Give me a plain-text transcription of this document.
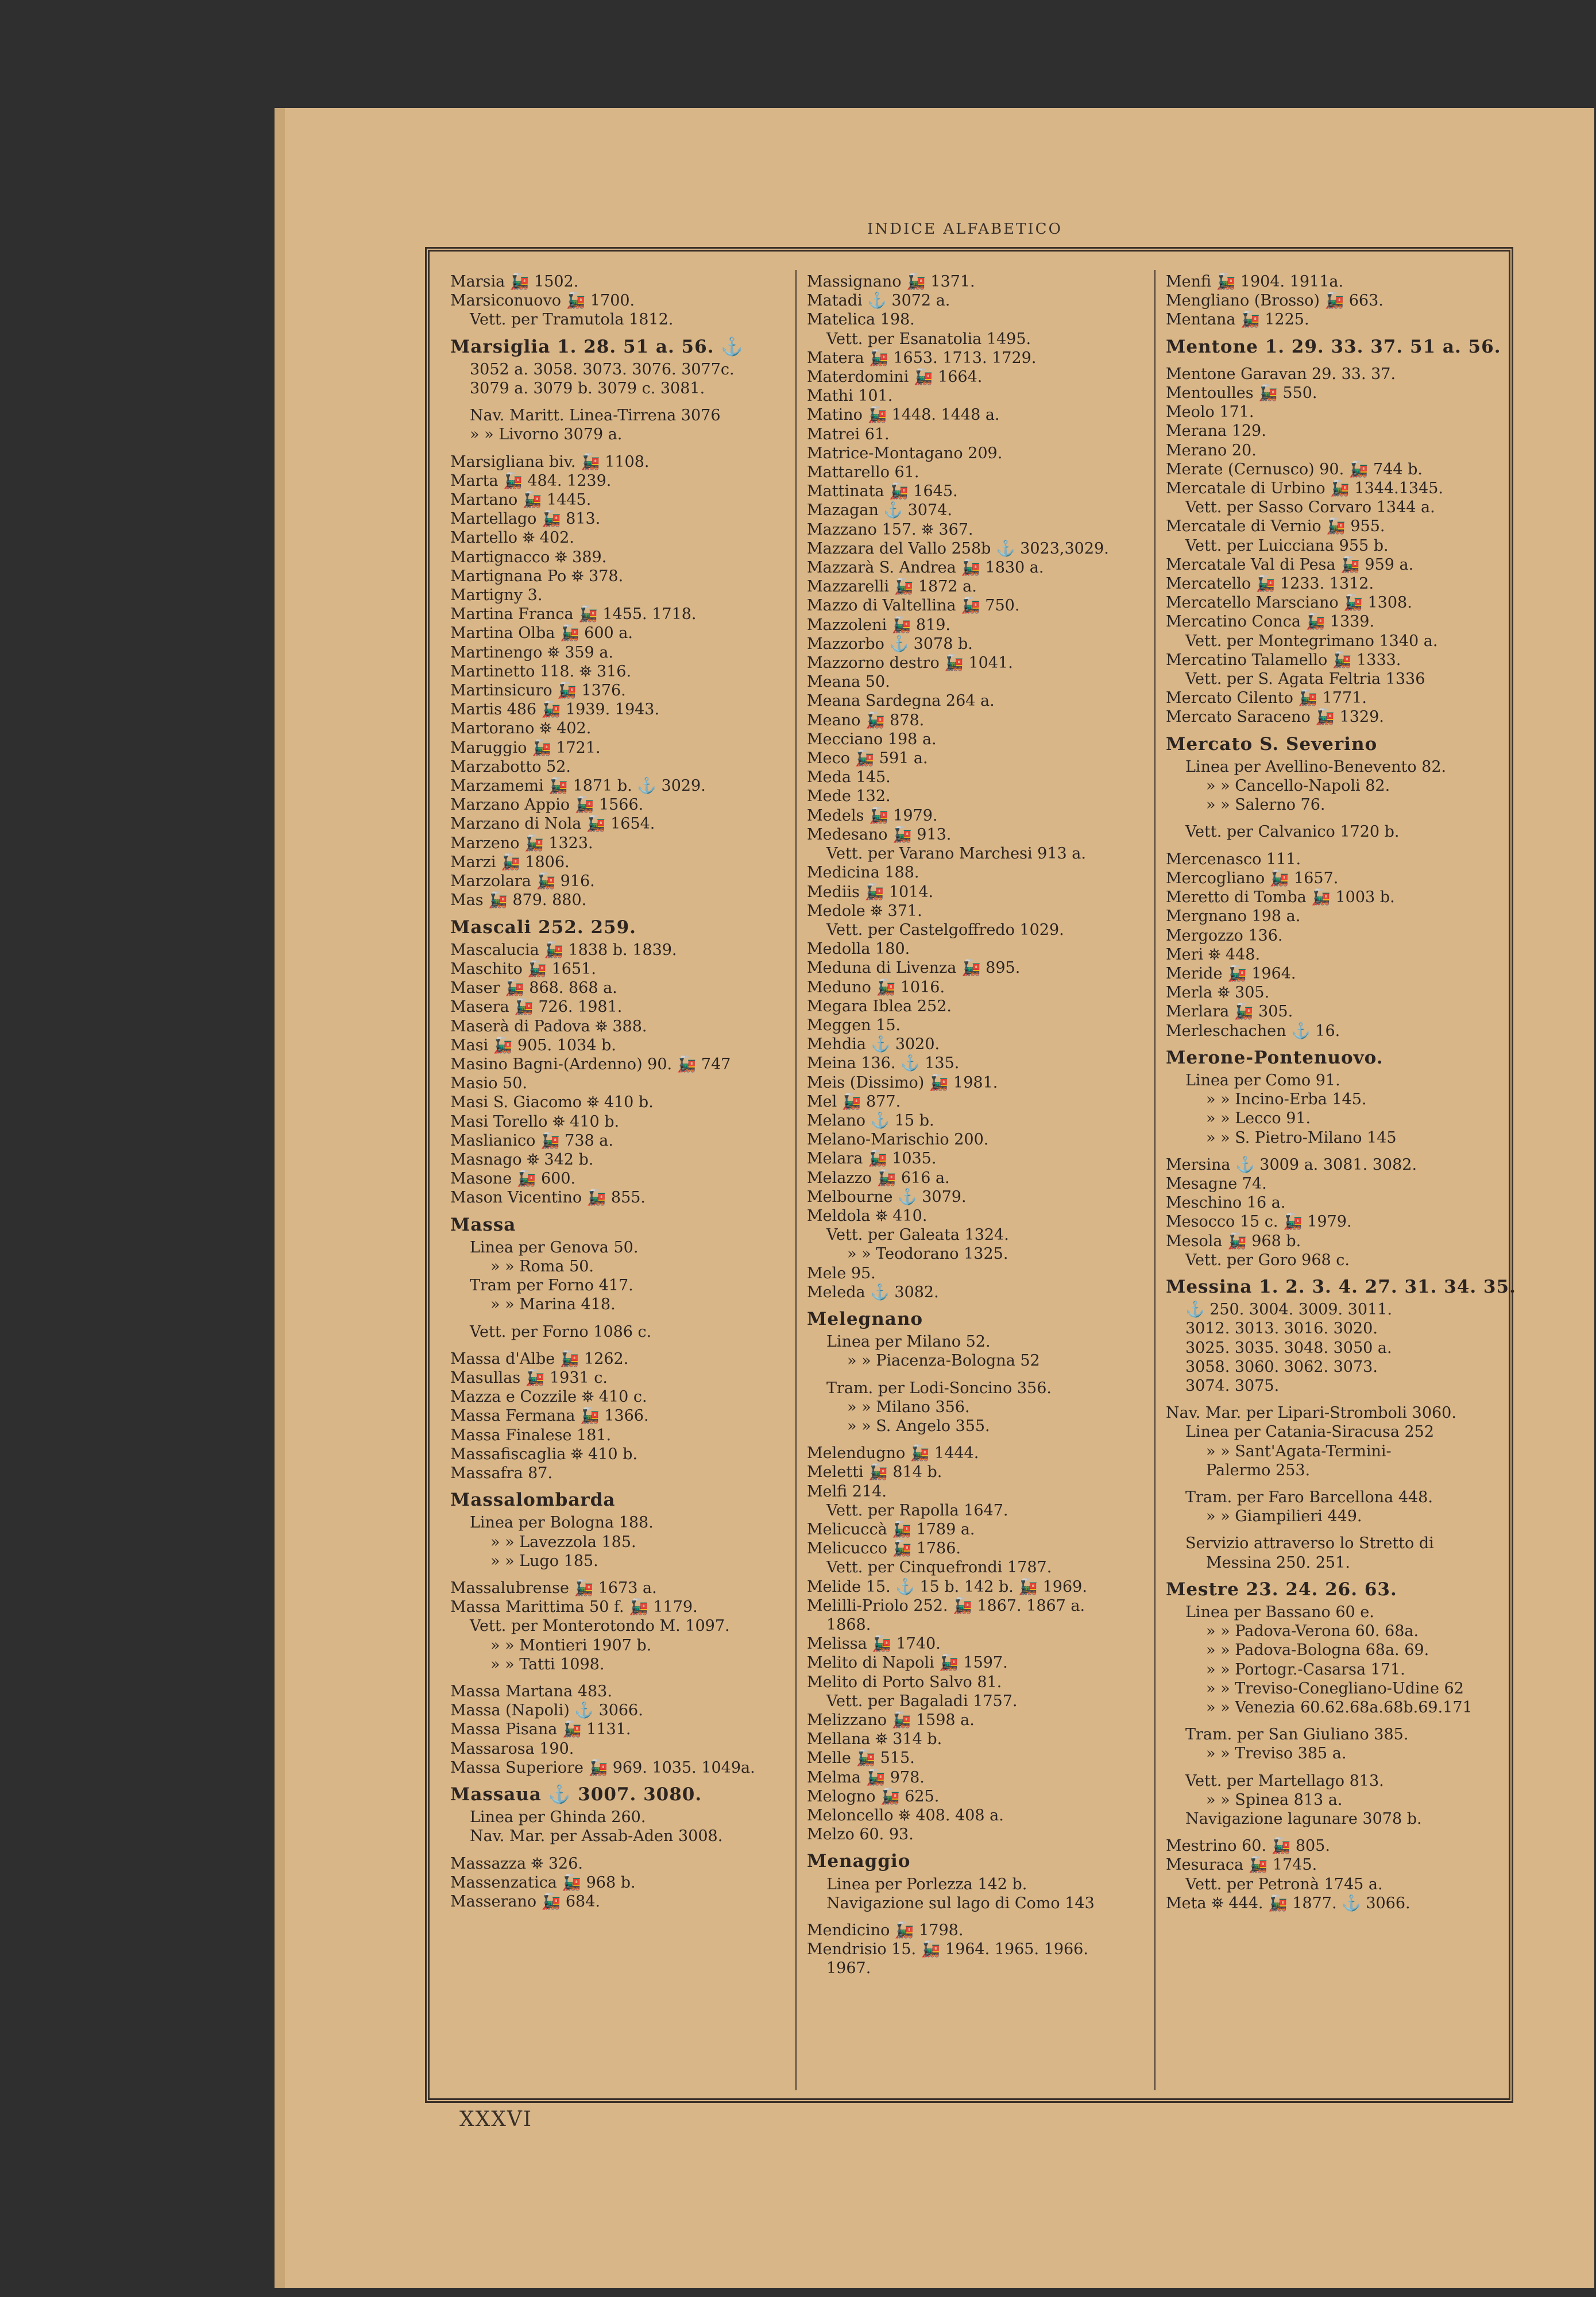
INDICE ALFABETICO
Marsia 🚂 1502.
Marsiconuovo 🚂 1700.
Vett. per Tramutola 1812.
Marsiglia 1. 28. 51 a. 56. ⚓
3052 a. 3058. 3073. 3076. 3077c.
3079 a. 3079 b. 3079 c. 3081.
Nav. Maritt. Linea-Tirrena 3076
» » Livorno 3079 a.
Marsigliana biv. 🚂 1108.
Marta 🚂 484. 1239.
Martano 🚂 1445.
Martellago 🚂 813.
Martello ⛯ 402.
Martignacco ⛯ 389.
Martignana Po ⛯ 378.
Martigny 3.
Martina Franca 🚂 1455. 1718.
Martina Olba 🚂 600 a.
Martinengo ⛯ 359 a.
Martinetto 118. ⛯ 316.
Martinsicuro 🚂 1376.
Martis 486 🚂 1939. 1943.
Martorano ⛯ 402.
Maruggio 🚂 1721.
Marzabotto 52.
Marzamemi 🚂 1871 b. ⚓ 3029.
Marzano Appio 🚂 1566.
Marzano di Nola 🚂 1654.
Marzeno 🚂 1323.
Marzi 🚂 1806.
Marzolara 🚂 916.
Mas 🚂 879. 880.
Mascali 252. 259.
Mascalucia 🚂 1838 b. 1839.
Maschito 🚂 1651.
Maser 🚂 868. 868 a.
Masera 🚂 726. 1981.
Maserà di Padova ⛯ 388.
Masi 🚂 905. 1034 b.
Masino Bagni-(Ardenno) 90. 🚂 747
Masio 50.
Masi S. Giacomo ⛯ 410 b.
Masi Torello ⛯ 410 b.
Maslianico 🚂 738 a.
Masnago ⛯ 342 b.
Masone 🚂 600.
Mason Vicentino 🚂 855.
Massa
Linea per Genova 50.
» » Roma 50.
Tram per Forno 417.
» » Marina 418.
Vett. per Forno 1086 c.
Massa d'Albe 🚂 1262.
Masullas 🚂 1931 c.
Mazza e Cozzile ⛯ 410 c.
Massa Fermana 🚂 1366.
Massa Finalese 181.
Massafiscaglia ⛯ 410 b.
Massafra 87.
Massalombarda
Linea per Bologna 188.
» » Lavezzola 185.
» » Lugo 185.
Massalubrense 🚂 1673 a.
Massa Marittima 50 f. 🚂 1179.
Vett. per Monterotondo M. 1097.
» » Montieri 1907 b.
» » Tatti 1098.
Massa Martana 483.
Massa (Napoli) ⚓ 3066.
Massa Pisana 🚂 1131.
Massarosa 190.
Massa Superiore 🚂 969. 1035. 1049a.
Massaua ⚓ 3007. 3080.
Linea per Ghinda 260.
Nav. Mar. per Assab-Aden 3008.
Massazza ⛯ 326.
Massenzatica 🚂 968 b.
Masserano 🚂 684.
Massignano 🚂 1371.
Matadi ⚓ 3072 a.
Matelica 198.
Vett. per Esanatolia 1495.
Matera 🚂 1653. 1713. 1729.
Materdomini 🚂 1664.
Mathi 101.
Matino 🚂 1448. 1448 a.
Matrei 61.
Matrice-Montagano 209.
Mattarello 61.
Mattinata 🚂 1645.
Mazagan ⚓ 3074.
Mazzano 157. ⛯ 367.
Mazzara del Vallo 258b ⚓ 3023,3029.
Mazzarà S. Andrea 🚂 1830 a.
Mazzarelli 🚂 1872 a.
Mazzo di Valtellina 🚂 750.
Mazzoleni 🚂 819.
Mazzorbo ⚓ 3078 b.
Mazzorno destro 🚂 1041.
Meana 50.
Meana Sardegna 264 a.
Meano 🚂 878.
Mecciano 198 a.
Meco 🚂 591 a.
Meda 145.
Mede 132.
Medels 🚂 1979.
Medesano 🚂 913.
Vett. per Varano Marchesi 913 a.
Medicina 188.
Mediis 🚂 1014.
Medole ⛯ 371.
Vett. per Castelgoffredo 1029.
Medolla 180.
Meduna di Livenza 🚂 895.
Meduno 🚂 1016.
Megara Iblea 252.
Meggen 15.
Mehdia ⚓ 3020.
Meina 136. ⚓ 135.
Meis (Dissimo) 🚂 1981.
Mel 🚂 877.
Melano ⚓ 15 b.
Melano-Marischio 200.
Melara 🚂 1035.
Melazzo 🚂 616 a.
Melbourne ⚓ 3079.
Meldola ⛯ 410.
Vett. per Galeata 1324.
» » Teodorano 1325.
Mele 95.
Meleda ⚓ 3082.
Melegnano
Linea per Milano 52.
» » Piacenza-Bologna 52
Tram. per Lodi-Soncino 356.
» » Milano 356.
» » S. Angelo 355.
Melendugno 🚂 1444.
Meletti 🚂 814 b.
Melfi 214.
Vett. per Rapolla 1647.
Melicuccà 🚂 1789 a.
Melicucco 🚂 1786.
Vett. per Cinquefrondi 1787.
Melide 15. ⚓ 15 b. 142 b. 🚂 1969.
Melilli-Priolo 252. 🚂 1867. 1867 a.
1868.
Melissa 🚂 1740.
Melito di Napoli 🚂 1597.
Melito di Porto Salvo 81.
Vett. per Bagaladi 1757.
Melizzano 🚂 1598 a.
Mellana ⛯ 314 b.
Melle 🚂 515.
Melma 🚂 978.
Melogno 🚂 625.
Meloncello ⛯ 408. 408 a.
Melzo 60. 93.
Menaggio
Linea per Porlezza 142 b.
Navigazione sul lago di Como 143
Mendicino 🚂 1798.
Mendrisio 15. 🚂 1964. 1965. 1966.
1967.
Menfi 🚂 1904. 1911a.
Mengliano (Brosso) 🚂 663.
Mentana 🚂 1225.
Mentone 1. 29. 33. 37. 51 a. 56.
Mentone Garavan 29. 33. 37.
Mentoulles 🚂 550.
Meolo 171.
Merana 129.
Merano 20.
Merate (Cernusco) 90. 🚂 744 b.
Mercatale di Urbino 🚂 1344.1345.
Vett. per Sasso Corvaro 1344 a.
Mercatale di Vernio 🚂 955.
Vett. per Luicciana 955 b.
Mercatale Val di Pesa 🚂 959 a.
Mercatello 🚂 1233. 1312.
Mercatello Marsciano 🚂 1308.
Mercatino Conca 🚂 1339.
Vett. per Montegrimano 1340 a.
Mercatino Talamello 🚂 1333.
Vett. per S. Agata Feltria 1336
Mercato Cilento 🚂 1771.
Mercato Saraceno 🚂 1329.
Mercato S. Severino
Linea per Avellino-Benevento 82.
» » Cancello-Napoli 82.
» » Salerno 76.
Vett. per Calvanico 1720 b.
Mercenasco 111.
Mercogliano 🚂 1657.
Meretto di Tomba 🚂 1003 b.
Mergnano 198 a.
Mergozzo 136.
Meri ⛯ 448.
Meride 🚂 1964.
Merla ⛯ 305.
Merlara 🚂 305.
Merleschachen ⚓ 16.
Merone-Pontenuovo.
Linea per Como 91.
» » Incino-Erba 145.
» » Lecco 91.
» » S. Pietro-Milano 145
Mersina ⚓ 3009 a. 3081. 3082.
Mesagne 74.
Meschino 16 a.
Mesocco 15 c. 🚂 1979.
Mesola 🚂 968 b.
Vett. per Goro 968 c.
Messina 1. 2. 3. 4. 27. 31. 34. 35.
⚓ 250. 3004. 3009. 3011.
3012. 3013. 3016. 3020.
3025. 3035. 3048. 3050 a.
3058. 3060. 3062. 3073.
3074. 3075.
Nav. Mar. per Lipari-Stromboli 3060.
Linea per Catania-Siracusa 252
» » Sant'Agata-Termini-
Palermo 253.
Tram. per Faro Barcellona 448.
» » Giampilieri 449.
Servizio attraverso lo Stretto di
Messina 250. 251.
Mestre 23. 24. 26. 63.
Linea per Bassano 60 e.
» » Padova-Verona 60. 68a.
» » Padova-Bologna 68a. 69.
» » Portogr.-Casarsa 171.
» » Treviso-Conegliano-Udine 62
» » Venezia 60.62.68a.68b.69.171
Tram. per San Giuliano 385.
» » Treviso 385 a.
Vett. per Martellago 813.
» » Spinea 813 a.
Navigazione lagunare 3078 b.
Mestrino 60. 🚂 805.
Mesuraca 🚂 1745.
Vett. per Petronà 1745 a.
Meta ⛯ 444. 🚂 1877. ⚓ 3066.
XXXVI
